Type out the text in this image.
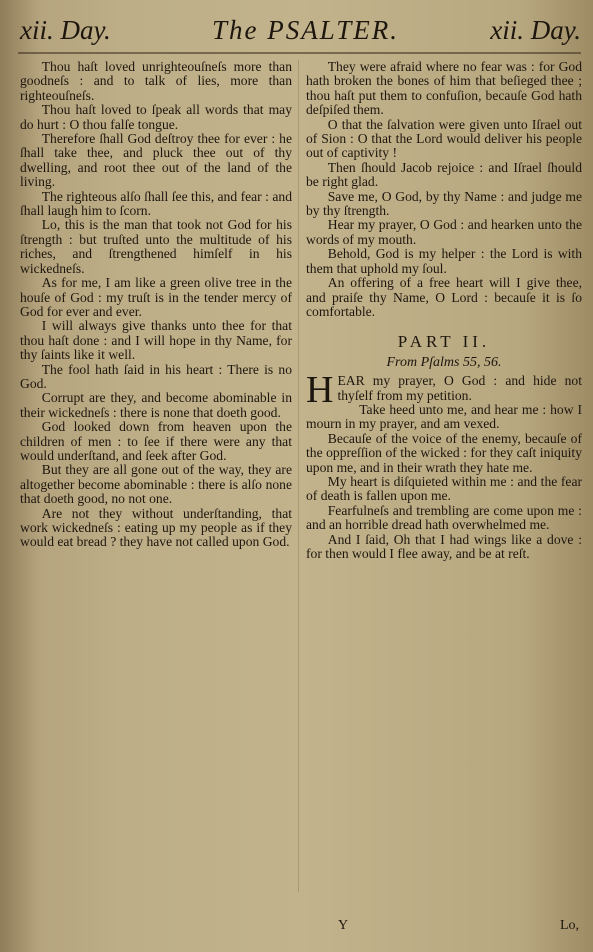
xii. Day.	The PSALTER.	xii. Day.

Thou haſt loved unrighteouſneſs more than goodneſs : and to talk of lies, more than righteouſneſs.

Thou haſt loved to ſpeak all words that may do hurt : O thou falſe tongue.

Therefore ſhall God deſtroy thee for ever : he ſhall take thee, and pluck thee out of thy dwelling, and root thee out of the land of the living.

The righteous alſo ſhall ſee this, and fear : and ſhall laugh him to ſcorn.

Lo, this is the man that took not God for his ſtrength : but truſted unto the multitude of his riches, and ſtrengthened himſelf in his wickedneſs.

As for me, I am like a green olive tree in the houſe of God : my truſt is in the tender mercy of God for ever and ever.

I will always give thanks unto thee for that thou haſt done : and I will hope in thy Name, for thy ſaints like it well.

The fool hath ſaid in his heart : There is no God.

Corrupt are they, and become abominable in their wickedneſs : there is none that doeth good.

God looked down from heaven upon the children of men : to ſee if there were any that would underſtand, and ſeek after God.

But they are all gone out of the way, they are altogether become abominable : there is alſo none that doeth good, no not one.

Are not they without underſtanding, that work wickedneſs : eating up my people as if they would eat bread ? they have not called upon God.

They were afraid where no fear was : for God hath broken the bones of him that beſieged thee ; thou haſt put them to confuſion, becauſe God hath deſpiſed them.

O that the ſalvation were given unto Iſrael out of Sion : O that the Lord would deliver his people out of captivity !

Then ſhould Jacob rejoice : and Iſrael ſhould be right glad.

Save me, O God, by thy Name : and judge me by thy ſtrength.

Hear my prayer, O God : and hearken unto the words of my mouth.

Behold, God is my helper : the Lord is with them that uphold my ſoul.

An offering of a free heart will I give thee, and praiſe thy Name, O Lord : becauſe it is ſo comfortable.

PART II.
From Pſalms 55, 56.

HEAR my prayer, O God : and hide not thyſelf from my petition.

Take heed unto me, and hear me : how I mourn in my prayer, and am vexed.

Becauſe of the voice of the enemy, becauſe of the oppreſſion of the wicked : for they caſt iniquity upon me, and in their wrath they hate me.

My heart is diſquieted within me : and the fear of death is fallen upon me.

Fearfulneſs and trembling are come upon me : and an horrible dread hath overwhelmed me.

And I ſaid, Oh that I had wings like a dove : for then would I flee away, and be at reſt.

Y	Lo,
